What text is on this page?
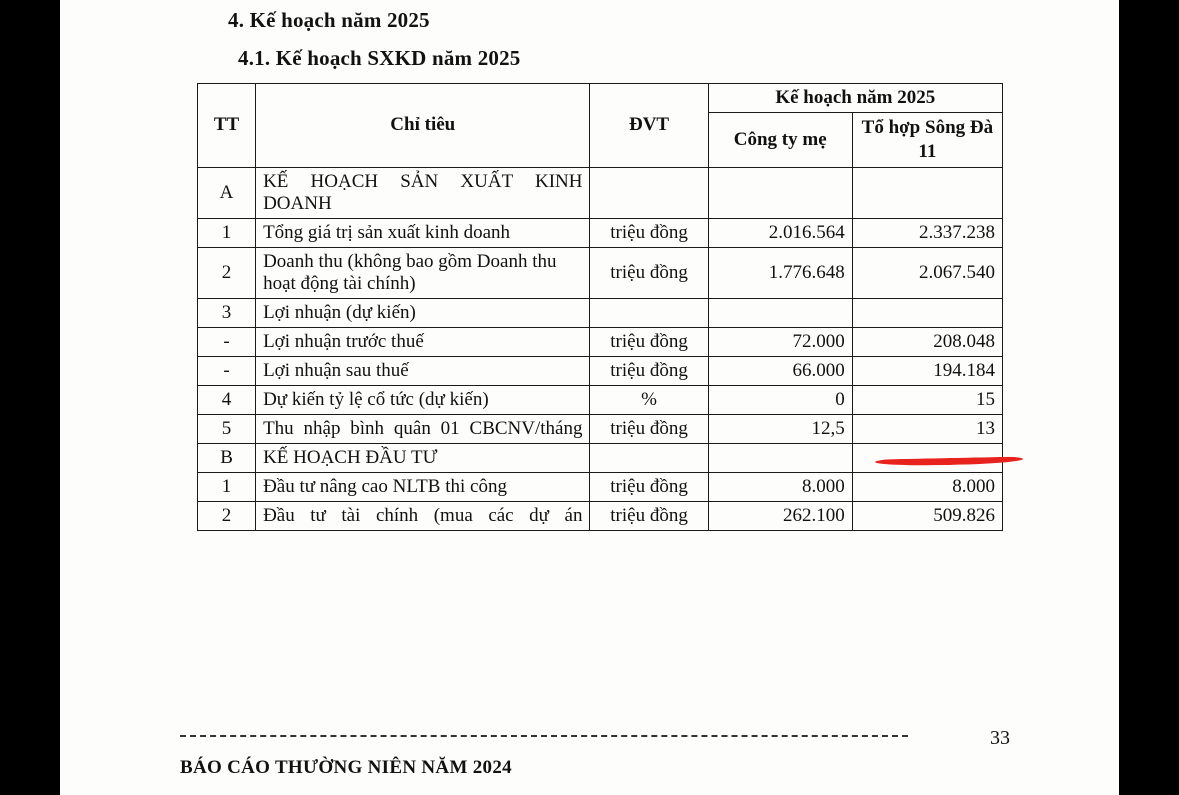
4. Kế hoạch năm 2025
4.1. Kế hoạch SXKD năm 2025
TT	Chỉ tiêu	ĐVT	Kế hoạch năm 2025	
			Công ty mẹ	Tổ hợp Sông Đà 11
A	KẾ HOẠCH SẢN XUẤT KINH DOANH			
1	Tổng giá trị sản xuất kinh doanh	triệu đồng	2.016.564	2.337.238
2	Doanh thu (không bao gồm Doanh thu hoạt động tài chính)	triệu đồng	1.776.648	2.067.540
3	Lợi nhuận (dự kiến)			
-	Lợi nhuận trước thuế	triệu đồng	72.000	208.048
-	Lợi nhuận sau thuế	triệu đồng	66.000	194.184
4	Dự kiến tỷ lệ cổ tức (dự kiến)	%	0	15
5	Thu nhập bình quân 01 CBCNV/tháng	triệu đồng	12,5	13
B	KẾ HOẠCH ĐẦU TƯ			
1	Đầu tư nâng cao NLTB thi công	triệu đồng	8.000	8.000
2	Đầu tư tài chính (mua các dự án	triệu đồng	262.100	509.826
33
BÁO CÁO THƯỜNG NIÊN NĂM 2024
